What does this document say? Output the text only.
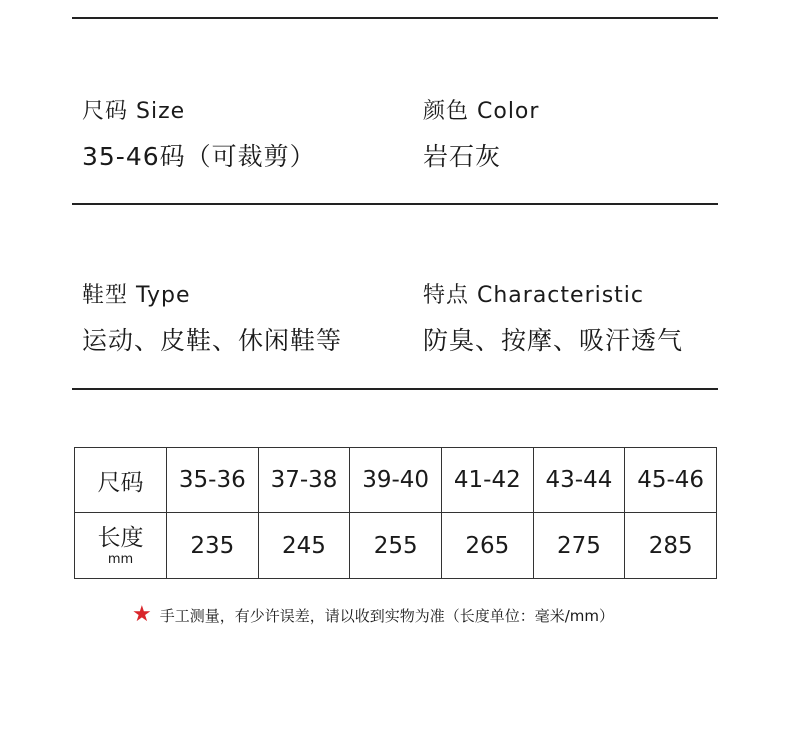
尺码 Size
35-46码（可裁剪）
颜色 Color
岩石灰
鞋型 Type
运动、皮鞋、休闲鞋等
特点 Characteristic
防臭、按摩、吸汗透气
尺码	35-36	37-38	39-40	41-42	43-44	45-46

长度
mm	235	245	255	265	275	285
★ 手工测量，有少许误差，请以收到实物为准（长度单位：毫米/mm）
